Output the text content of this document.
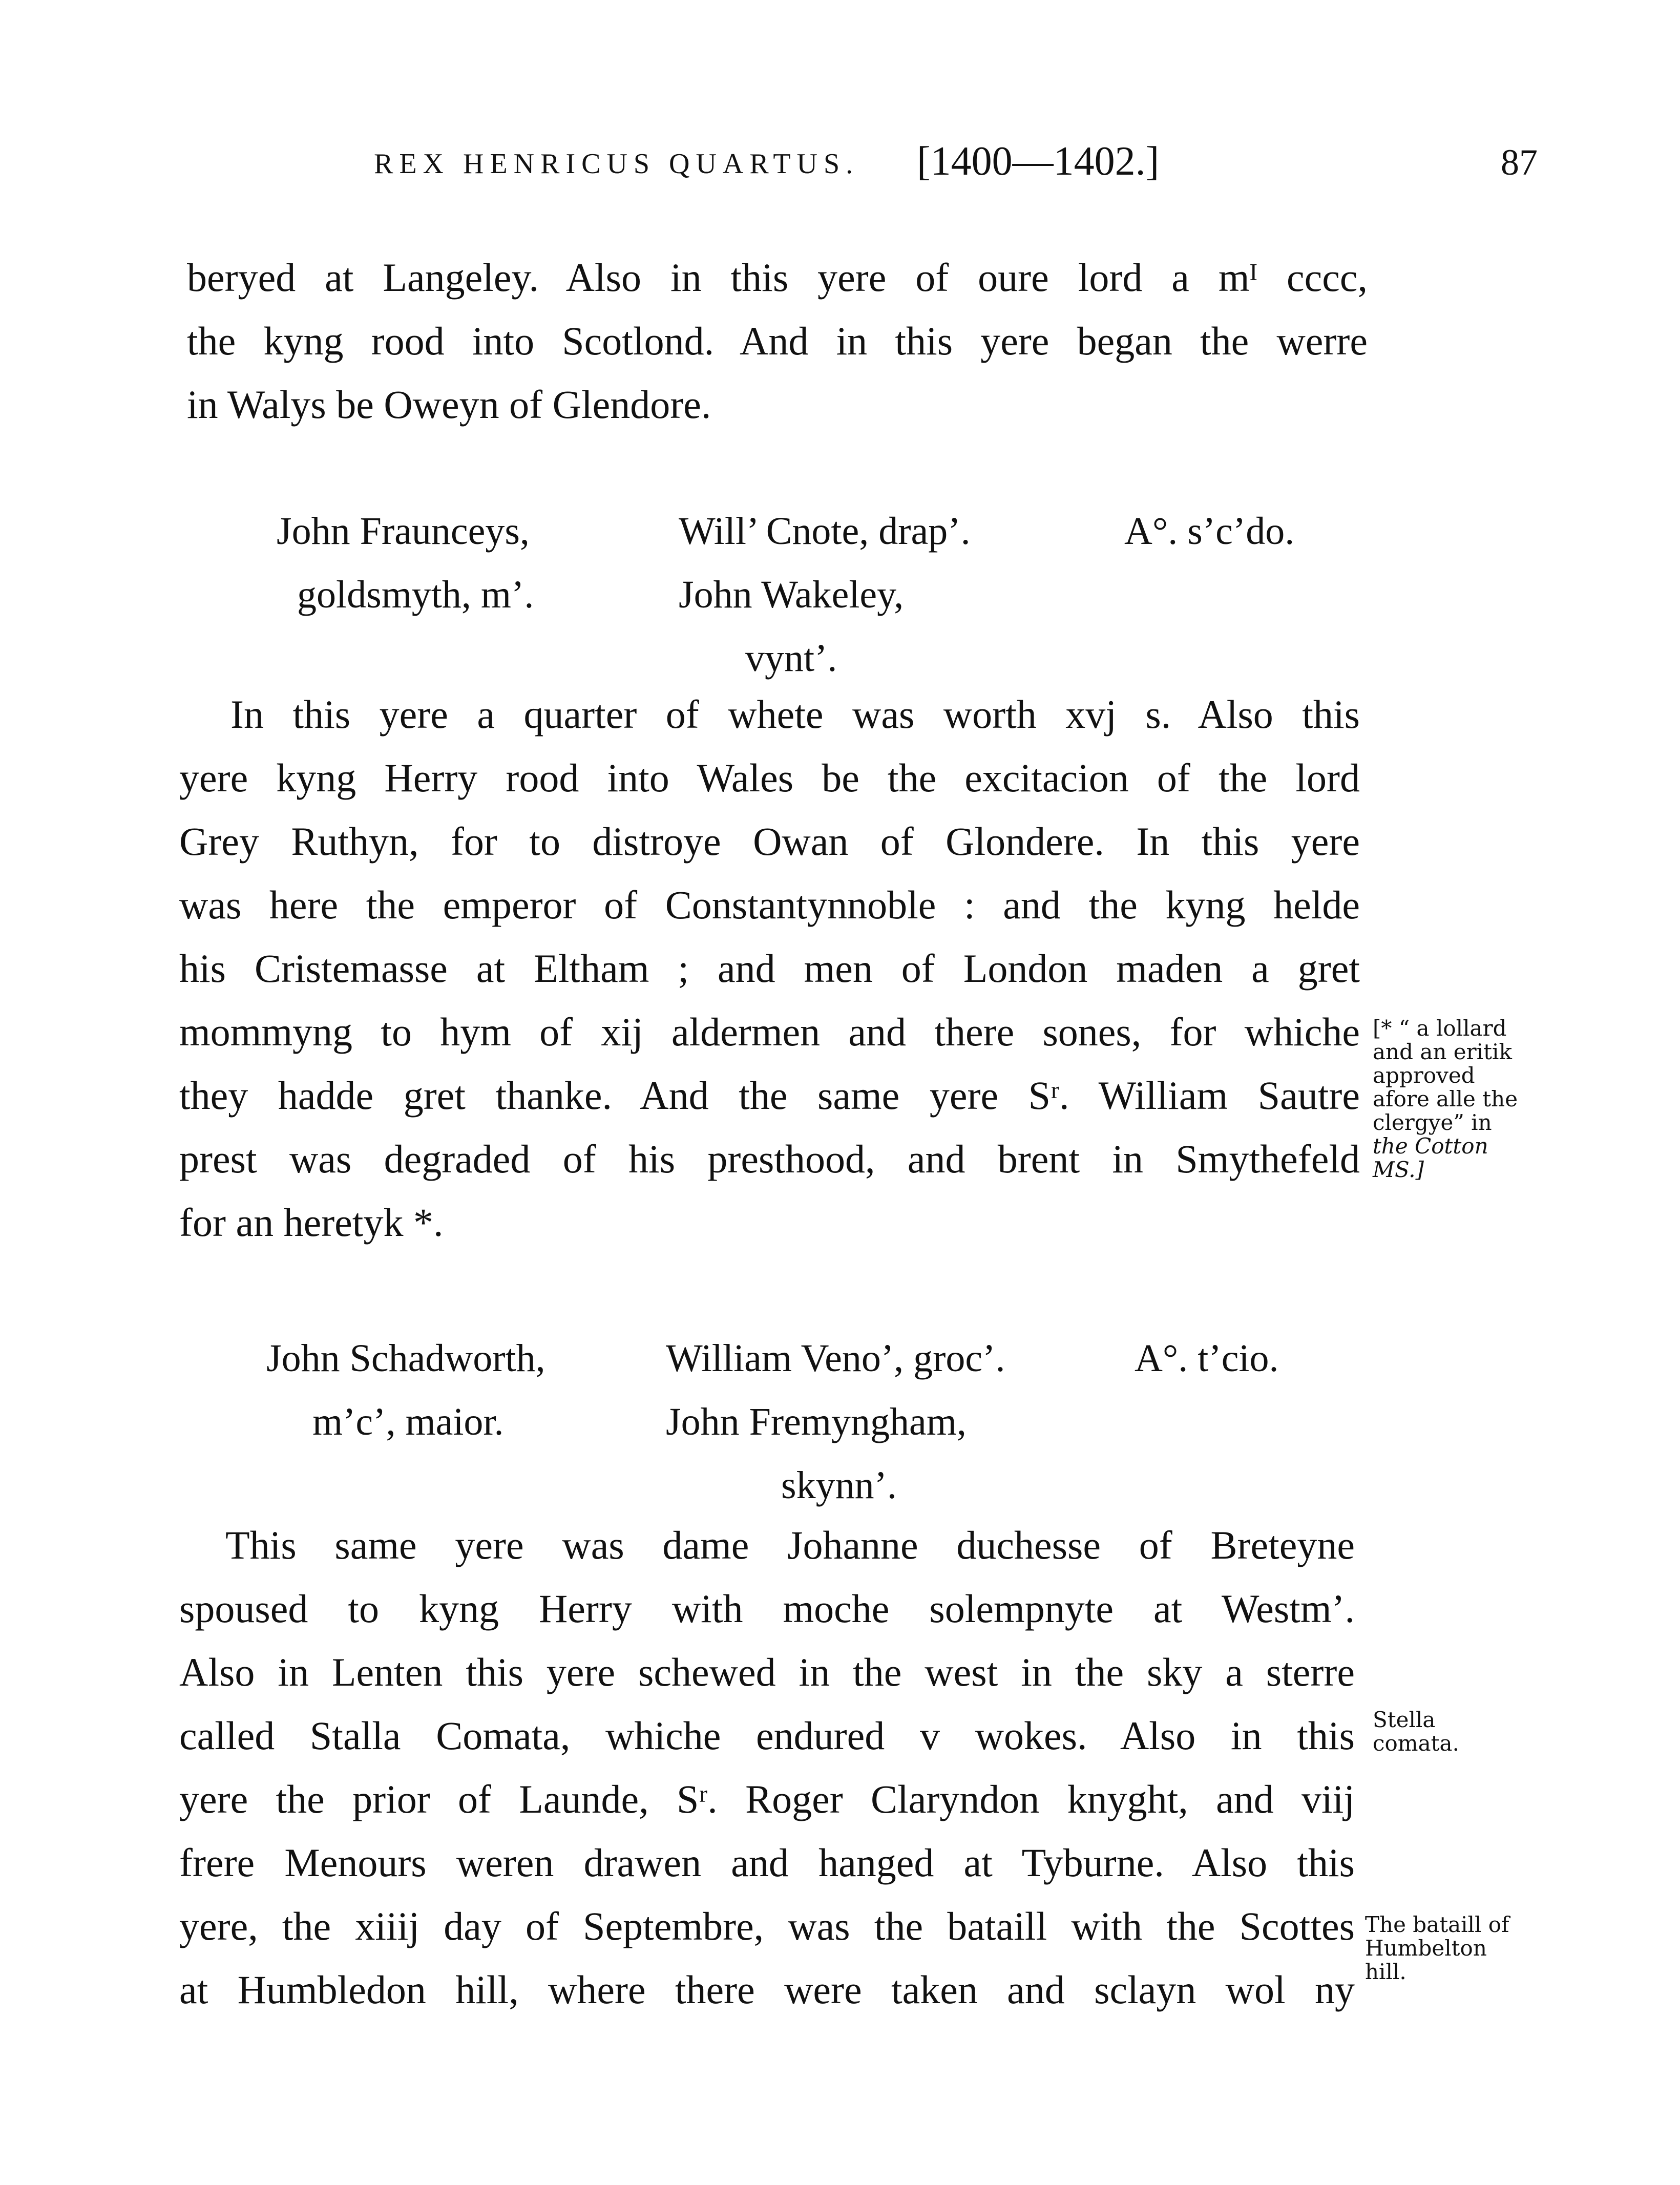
REX HENRICUS QUARTUS. [1400—1402.]	87
beryed at Langeley. Also in this yere of oure lord a mᴵ cccc,
the kyng rood into Scotlond. And in this yere began the werre
in Walys be Oweyn of Glendore.
John Frauncеys,
goldsmyth, m’.
Will’ Cnote, drap’.
John Wakeley,
vynt’.
A°. s’c’do.
In this yere a quarter of whete was worth xvj s. Also this
yere kyng Herry rood into Wales be the excitacion of the lord
Grey Ruthyn, for to distroye Owan of Glondere. In this yere
was here the emperor of Constantynnoble : and the kyng helde
his Cristemasse at Eltham ; and men of London maden a gret
mommyng to hym of xij aldermen and there sones, for whiche
they hadde gret thanke. And the same yere Sʳ. William Sautre
prest was degraded of his presthood, and brent in Smythefeld
for an heretyk *.
[* “ a lollard
and an eritik
approved
afore alle the
clergye” in
the Cotton
MS.]
John Schadworth,
m’c’, maior.
William Veno’, groc’.
John Fremyngham,
skynn’.
A°. t’cio.
This same yere was dame Johanne duchesse of Breteyne
spoused to kyng Herry with moche solempnyte at Westm’.
Also in Lenten this yere schewed in the west in the sky a sterre
called Stalla Comata, whiche endured v wokes. Also in this
yere the prior of Launde, Sʳ. Roger Claryndon knyght, and viij
frere Menours weren drawen and hanged at Tyburne. Also this
yere, the xiiij day of Septembre, was the bataill with the Scottes
at Humbledon hill, where there were taken and sclayn wol ny
Stella
comata.
The bataill of
Humbelton
hill.
